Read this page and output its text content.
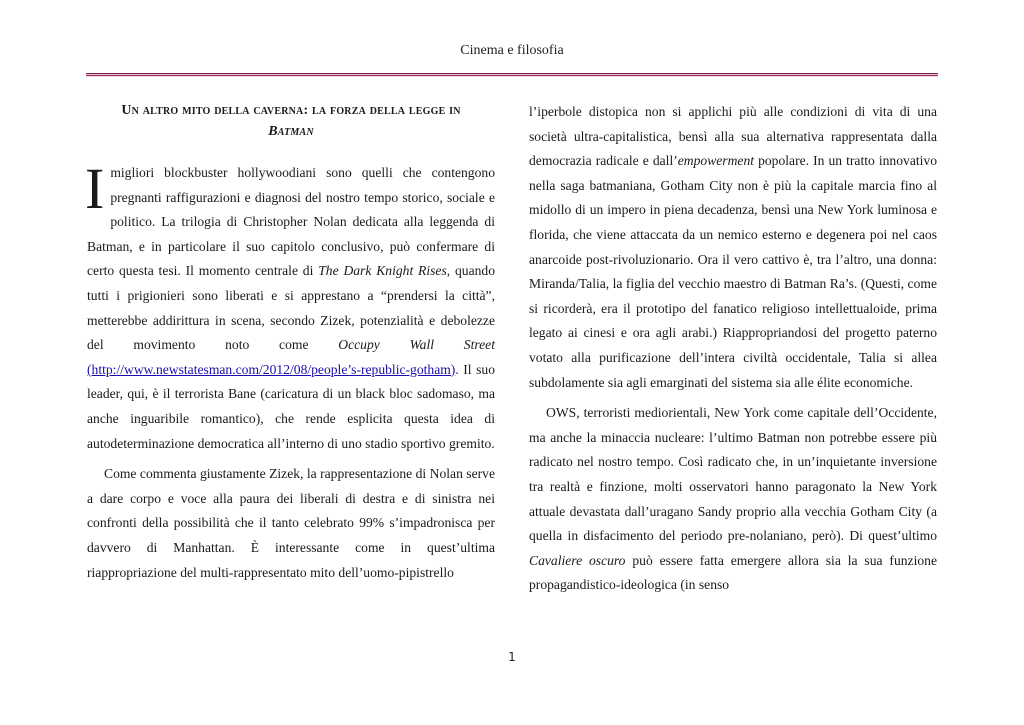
Cinema e filosofia
Un altro mito della caverna: la forza della legge in Batman

I migliori blockbuster hollywoodiani sono quelli che contengono pregnanti raffigurazioni e diagnosi del nostro tempo storico, sociale e politico. La trilogia di Christopher Nolan dedicata alla leggenda di Batman, e in particolare il suo capitolo conclusivo, può confermare di certo questa tesi. Il momento centrale di The Dark Knight Rises, quando tutti i prigionieri sono liberati e si apprestano a “prendersi la città”, metterebbe addirittura in scena, secondo Zizek, potenzialità e debolezze del movimento noto come Occupy Wall Street (http://www.newstatesman.com/2012/08/people’s-republic-gotham). Il suo leader, qui, è il terrorista Bane (caricatura di un black bloc sadomaso, ma anche inguaribile romantico), che rende esplicita questa idea di autodeterminazione democratica all’interno di uno stadio sportivo gremito.

Come commenta giustamente Zizek, la rappresentazione di Nolan serve a dare corpo e voce alla paura dei liberali di destra e di sinistra nei confronti della possibilità che il tanto celebrato 99% s’impadronisca per davvero di Manhattan. È interessante come in quest’ultima riappropriazione del multi-rappresentato mito dell’uomo-pipistrello

l’iperbole distopica non si applichi più alle condizioni di vita di una società ultra-capitalistica, bensì alla sua alternativa rappresentata dalla democrazia radicale e dall’empowerment popolare. In un tratto innovativo nella saga batmaniana, Gotham City non è più la capitale marcia fino al midollo di un impero in piena decadenza, bensì una New York luminosa e florida, che viene attaccata da un nemico esterno e degenera poi nel caos anarcoide post-rivoluzionario. Ora il vero cattivo è, tra l’altro, una donna: Miranda/Talia, la figlia del vecchio maestro di Batman Ra’s. (Questi, come si ricorderà, era il prototipo del fanatico religioso intellettualoide, prima legato ai cinesi e ora agli arabi.) Riappropriandosi del progetto paterno votato alla purificazione dell’intera civiltà occidentale, Talia si allea subdolamente sia agli emarginati del sistema sia alle élite economiche.

OWS, terroristi mediorientali, New York come capitale dell’Occidente, ma anche la minaccia nucleare: l’ultimo Batman non potrebbe essere più radicato nel nostro tempo. Così radicato che, in un’inquietante inversione tra realtà e finzione, molti osservatori hanno paragonato la New York attuale devastata dall’uragano Sandy proprio alla vecchia Gotham City (a quella in disfacimento del periodo pre-nolaniano, però). Di quest’ultimo Cavaliere oscuro può essere fatta emergere allora sia la sua funzione propagandistico-ideologica (in senso

1
